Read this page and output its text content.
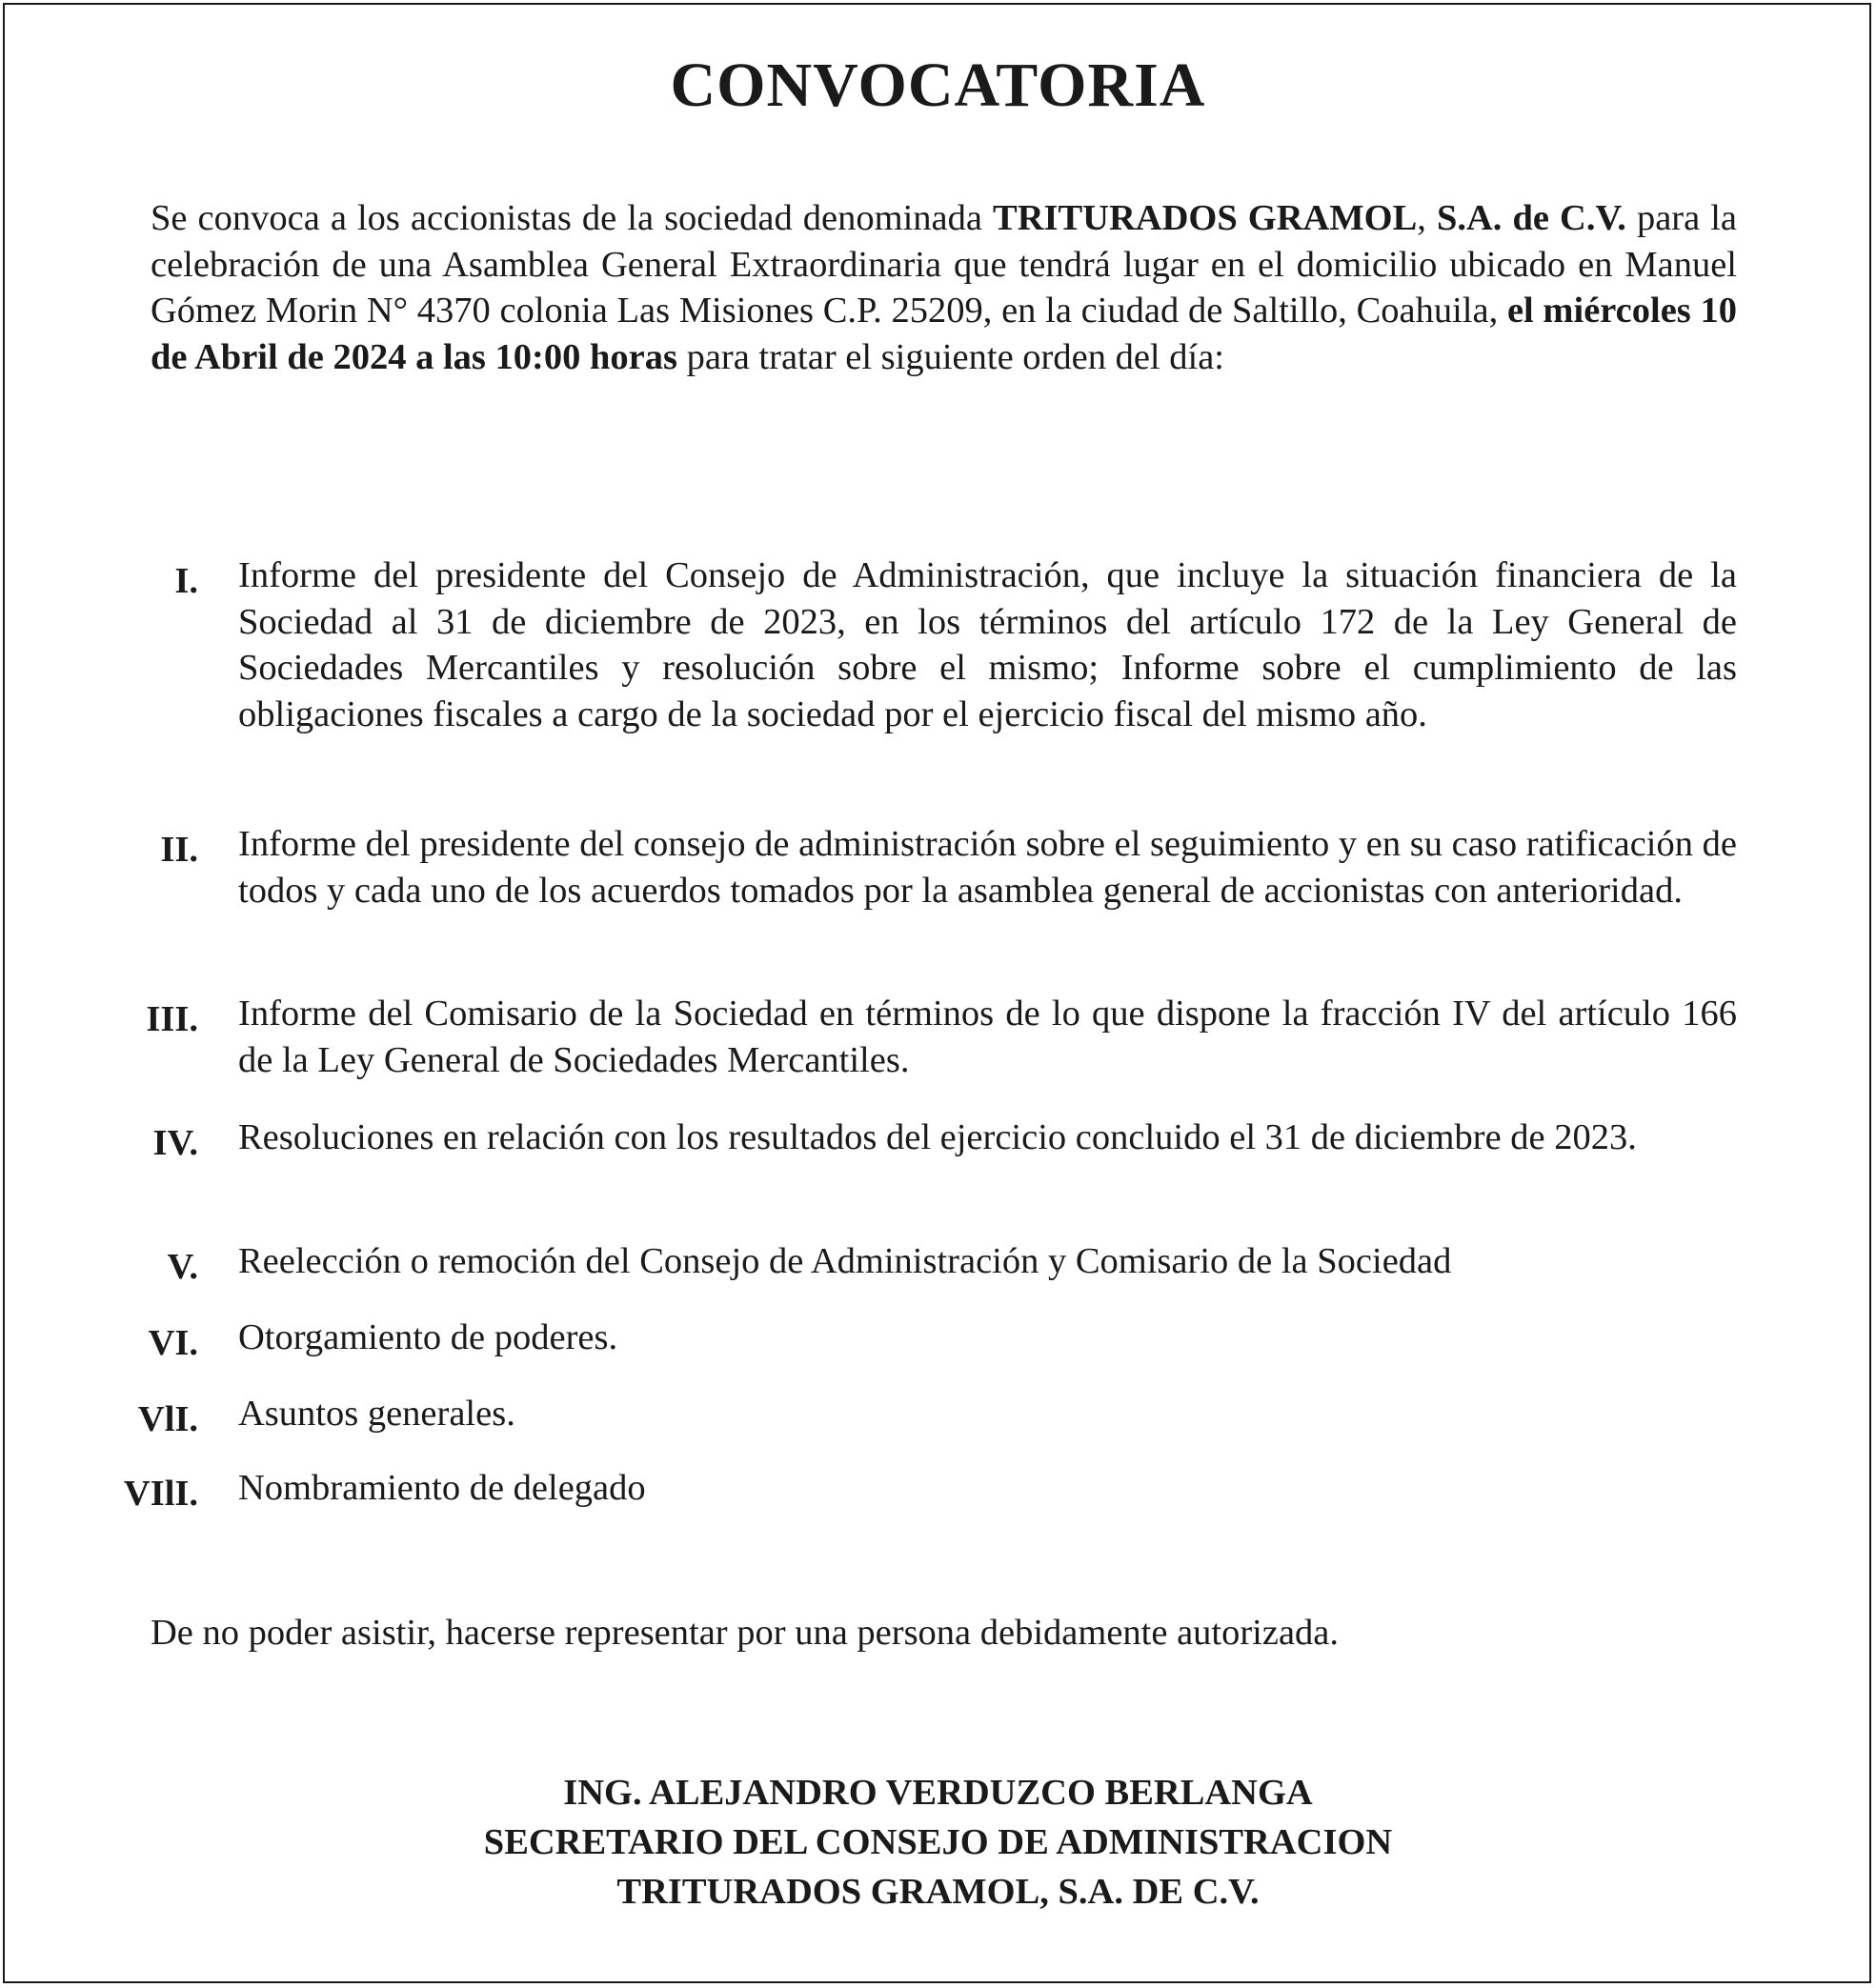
CONVOCATORIA
Se convoca a los accionistas de la sociedad denominada TRITURADOS GRAMOL, S.A. de C.V. para la celebración de una Asamblea General Extraordinaria que tendrá lugar en el domicilio ubicado en Manuel Gómez Morin N° 4370 colonia Las Misiones C.P. 25209, en la ciudad de Saltillo, Coahuila, el miércoles 10 de Abril de 2024 a las 10:00 horas para tratar el siguiente orden del día:
I. Informe del presidente del Consejo de Administración, que incluye la situación financiera de la Sociedad al 31 de diciembre de 2023, en los términos del artículo 172 de la Ley General de Sociedades Mercantiles y resolución sobre el mismo; Informe sobre el cumplimiento de las obligaciones fiscales a cargo de la sociedad por el ejercicio fiscal del mismo año.
II. Informe del presidente del consejo de administración sobre el seguimiento y en su caso ratificación de todos y cada uno de los acuerdos tomados por la asamblea general de accionistas con anterioridad.
III. Informe del Comisario de la Sociedad en términos de lo que dispone la fracción IV del artículo 166 de la Ley General de Sociedades Mercantiles.
IV. Resoluciones en relación con los resultados del ejercicio concluido el 31 de diciembre de 2023.
V. Reelección o remoción del Consejo de Administración y Comisario de la Sociedad
VI. Otorgamiento de poderes.
VlI. Asuntos generales.
VIlI. Nombramiento de delegado
De no poder asistir, hacerse representar por una persona debidamente autorizada.
ING. ALEJANDRO VERDUZCO BERLANGA
SECRETARIO DEL CONSEJO DE ADMINISTRACION
TRITURADOS GRAMOL, S.A. DE C.V.
